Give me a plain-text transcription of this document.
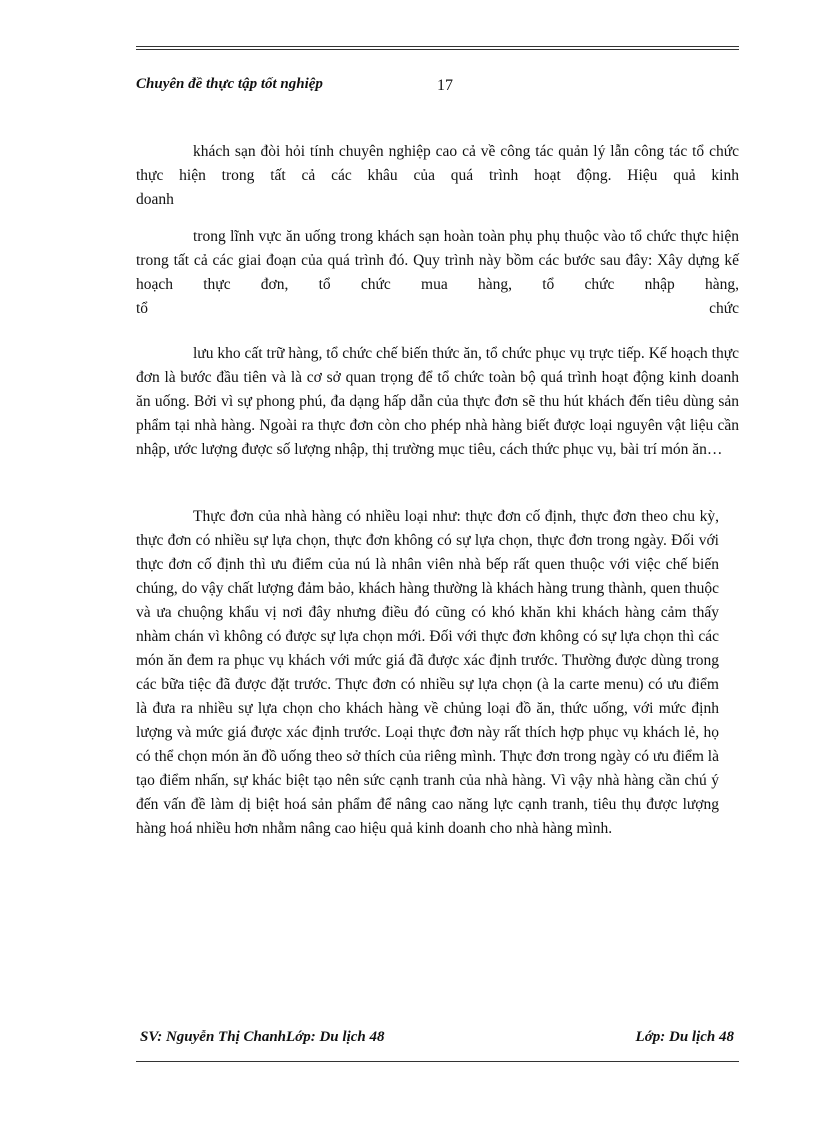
Chuyên đề thực tập tốt nghiệp	17

khách sạn đòi hỏi tính chuyên nghiệp cao cả về công tác quản lý lẫn công tác tổ chức thực hiện trong tất cả các khâu của quá trình hoạt động. Hiệu quả kinh

doanh

trong lĩnh vực ăn uống trong khách sạn hoàn toàn phụ phụ thuộc vào tổ chức thực hiện trong tất cả các giai đoạn của quá trình đó. Quy trình này bồm các bước sau đây: Xây dựng kế hoạch thực đơn, tổ chức mua hàng, tổ chức nhập hàng,

tổ	chức

lưu kho cất trữ hàng, tổ chức chế biến thức ăn, tổ chức phục vụ trực tiếp. Kế hoạch thực đơn là bước đầu tiên và là cơ sở quan trọng để tổ chức toàn bộ quá trình hoạt động kinh doanh ăn uống. Bởi vì sự phong phú, đa dạng hấp dẫn của thực đơn sẽ thu hút khách đến tiêu dùng sản phẩm tại nhà hàng. Ngoài ra thực đơn còn cho phép nhà hàng biết được loại nguyên vật liệu cần nhập, ước lượng được số lượng nhập, thị trường mục tiêu, cách thức phục vụ, bài trí món ăn…

Thực đơn của nhà hàng có nhiều loại như: thực đơn cố định, thực đơn theo chu kỳ, thực đơn có nhiều sự lựa chọn, thực đơn không có sự lựa chọn, thực đơn trong ngày. Đối với thực đơn cố định thì ưu điểm của nú là nhân viên nhà bếp rất quen thuộc với việc chế biến chúng, do vậy chất lượng đảm bảo, khách hàng thường là khách hàng trung thành, quen thuộc và ưa chuộng khẩu vị nơi đây nhưng điều đó cũng có khó khăn khi khách hàng cảm thấy nhàm chán vì không có được sự lựa chọn mới. Đối với thực đơn không có sự lựa chọn thì các món ăn đem ra phục vụ khách với mức giá đã được xác định trước. Thường được dùng trong các bữa tiệc đã được đặt trước. Thực đơn có nhiều sự lựa chọn (à la carte menu) có ưu điểm là đưa ra nhiều sự lựa chọn cho khách hàng về chủng loại đồ ăn, thức uống, với mức định lượng và mức giá được xác định trước. Loại thực đơn này rất thích hợp phục vụ khách lẻ, họ có thể chọn món ăn đồ uống theo sở thích của riêng mình. Thực đơn trong ngày có ưu điểm là tạo điểm nhấn, sự khác biệt tạo nên sức cạnh tranh của nhà hàng. Vì vậy nhà hàng cần chú ý đến vấn đề làm dị biệt hoá sản phẩm để nâng cao năng lực cạnh tranh, tiêu thụ được lượng hàng hoá nhiều hơn nhằm nâng cao hiệu quả kinh doanh cho nhà hàng mình.

SV: Nguyễn Thị ChanhLớp: Du lịch 48	Lớp: Du lịch 48
